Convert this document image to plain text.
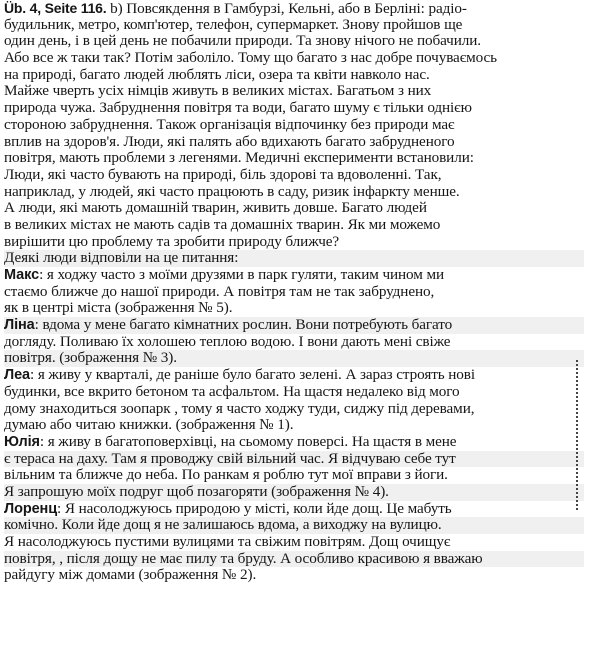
Üb. 4, Seite 116. b) Повсякдення в Гамбурзі, Кельні, або в Берліні: радіо-
будильник, метро, комп'ютер, телефон, супермаркет. Знову пройшов ще
один день, і в цей день не побачили природи. Та знову нічого не побачили.
Або все ж таки так? Потім заболіло. Тому що багато з нас добре почуваємось
на природі, багато людей люблять ліси, озера та квіти навколо нас.
Майже чверть усіх німців живуть в великих містах. Багатьом з них
природа чужа. Забруднення повітря та води, багато шуму є тільки однією
стороною забруднення. Також організація відпочинку без природи має
вплив на здоров'я. Люди, які палять або вдихають багато забрудненого
повітря, мають проблеми з легенями. Медичні експерименти встановили:
Люди, які часто бувають на природі, біль здорові та вдоволенні. Так,
наприклад, у людей, які часто працюють в саду, ризик інфаркту менше.
А люди, які мають домашній тварин, живить довше. Багато людей
в великих містах не мають садів та домашніх тварин. Як ми можемо
вирішити цю проблему та зробити природу ближче?
Деякі люди відповіли на це питання:
Макс: я ходжу часто з моїми друзями в парк гуляти, таким чином ми
стаємо ближче до нашої природи. А повітря там не так забруднено,
як в центрі міста (зображення № 5).
Ліна: вдома у мене багато кімнатних рослин. Вони потребують багато
догляду. Поливаю їх холошею теплою водою. І вони дають мені свіже
повітря. (зображення № 3).
Леа: я живу у кварталі, де раніше було багато зелені. А зараз строять нові
будинки, все вкрито бетоном та асфальтом. На щастя недалеко від мого
дому знаходиться зоопарк , тому я часто ходжу туди, сиджу під деревами,
думаю або читаю книжки. (зображення № 1).
Юлія: я живу в багатоповерхівці, на сьомому поверсі. На щастя в мене
є тераса на даху. Там я проводжу свій вільний час. Я відчуваю себе тут
вільним та ближче до неба. По ранкам я роблю тут мої вправи з йоги.
Я запрошую моїх подруг щоб позагоряти (зображення № 4).
Лоренц: Я насолоджуюсь природою у місті, коли йде дощ. Це мабуть
комічно. Коли йде дощ я не залишаюсь вдома, а виходжу на вулицю.
Я насолоджуюсь пустими вулицями та свіжим повітрям. Дощ очищує
повітря, , після дощу не має пилу та бруду. А особливо красивою я вважаю
райдугу між домами (зображення № 2).
